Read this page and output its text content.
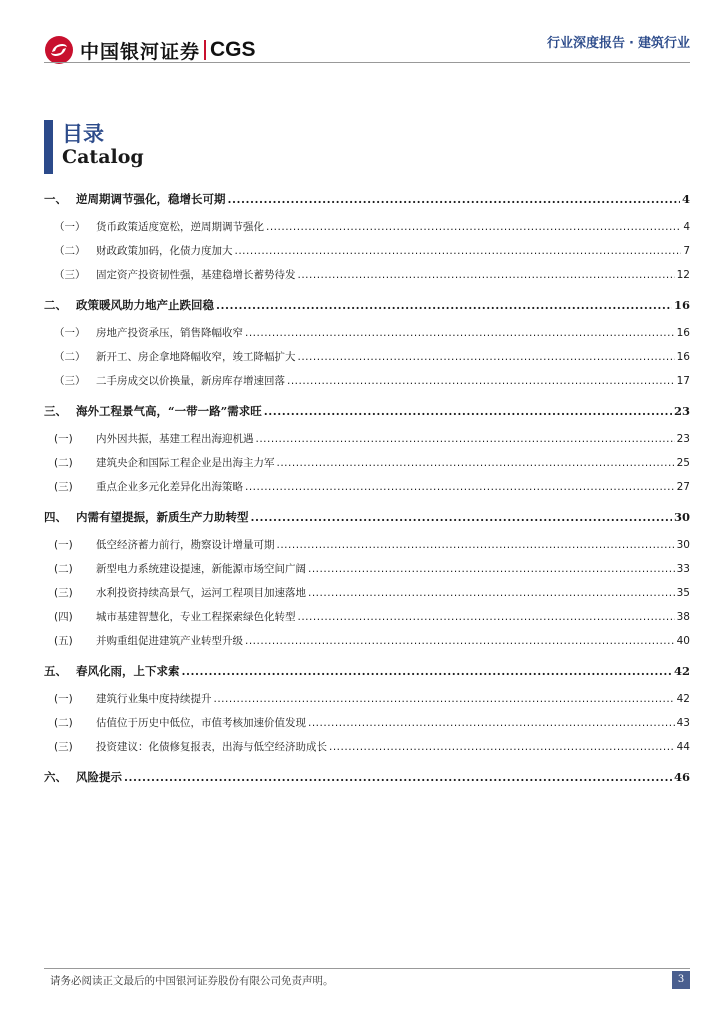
中国银河证券 CGS	行业深度报告 · 建筑行业
目录
Catalog
一、 逆周期调节强化，稳增长可期 .....	4
（一）	货币政策适度宽松，逆周期调节强化 .....	4
（二）	财政政策加码，化债力度加大 .....	7
（三）	固定资产投资韧性强，基建稳增长蓄势待发 .....	12
二、 政策暖风助力地产止跌回稳 .....	16
（一）	房地产投资承压，销售降幅收窄 .....	16
（二）	新开工、房企拿地降幅收窄，竣工降幅扩大 .....	16
（三）	二手房成交以价换量，新房库存增速回落 .....	17
三、 海外工程景气高，“一带一路”需求旺 .....	23
(一)	内外因共振，基建工程出海迎机遇 .....	23
(二)	建筑央企和国际工程企业是出海主力军 .....	25
(三)	重点企业多元化差异化出海策略 .....	27
四、 内需有望提振，新质生产力助转型 .....	30
(一)	低空经济蓄力前行，勘察设计增量可期 .....	30
(二)	新型电力系统建设提速，新能源市场空间广阔 .....	33
(三)	水利投资持续高景气，运河工程项目加速落地 .....	35
(四)	城市基建智慧化，专业工程探索绿色化转型 .....	38
(五)	并购重组促进建筑产业转型升级 .....	40
五、 春风化雨，上下求索 .....	42
(一)	建筑行业集中度持续提升 .....	42
(二)	估值位于历史中低位，市值考核加速价值发现 .....	43
(三)	投资建议：化债修复报表，出海与低空经济助成长 .....	44
六、 风险提示 .....	46
请务必阅读正文最后的中国银河证券股份有限公司免责声明。	3
